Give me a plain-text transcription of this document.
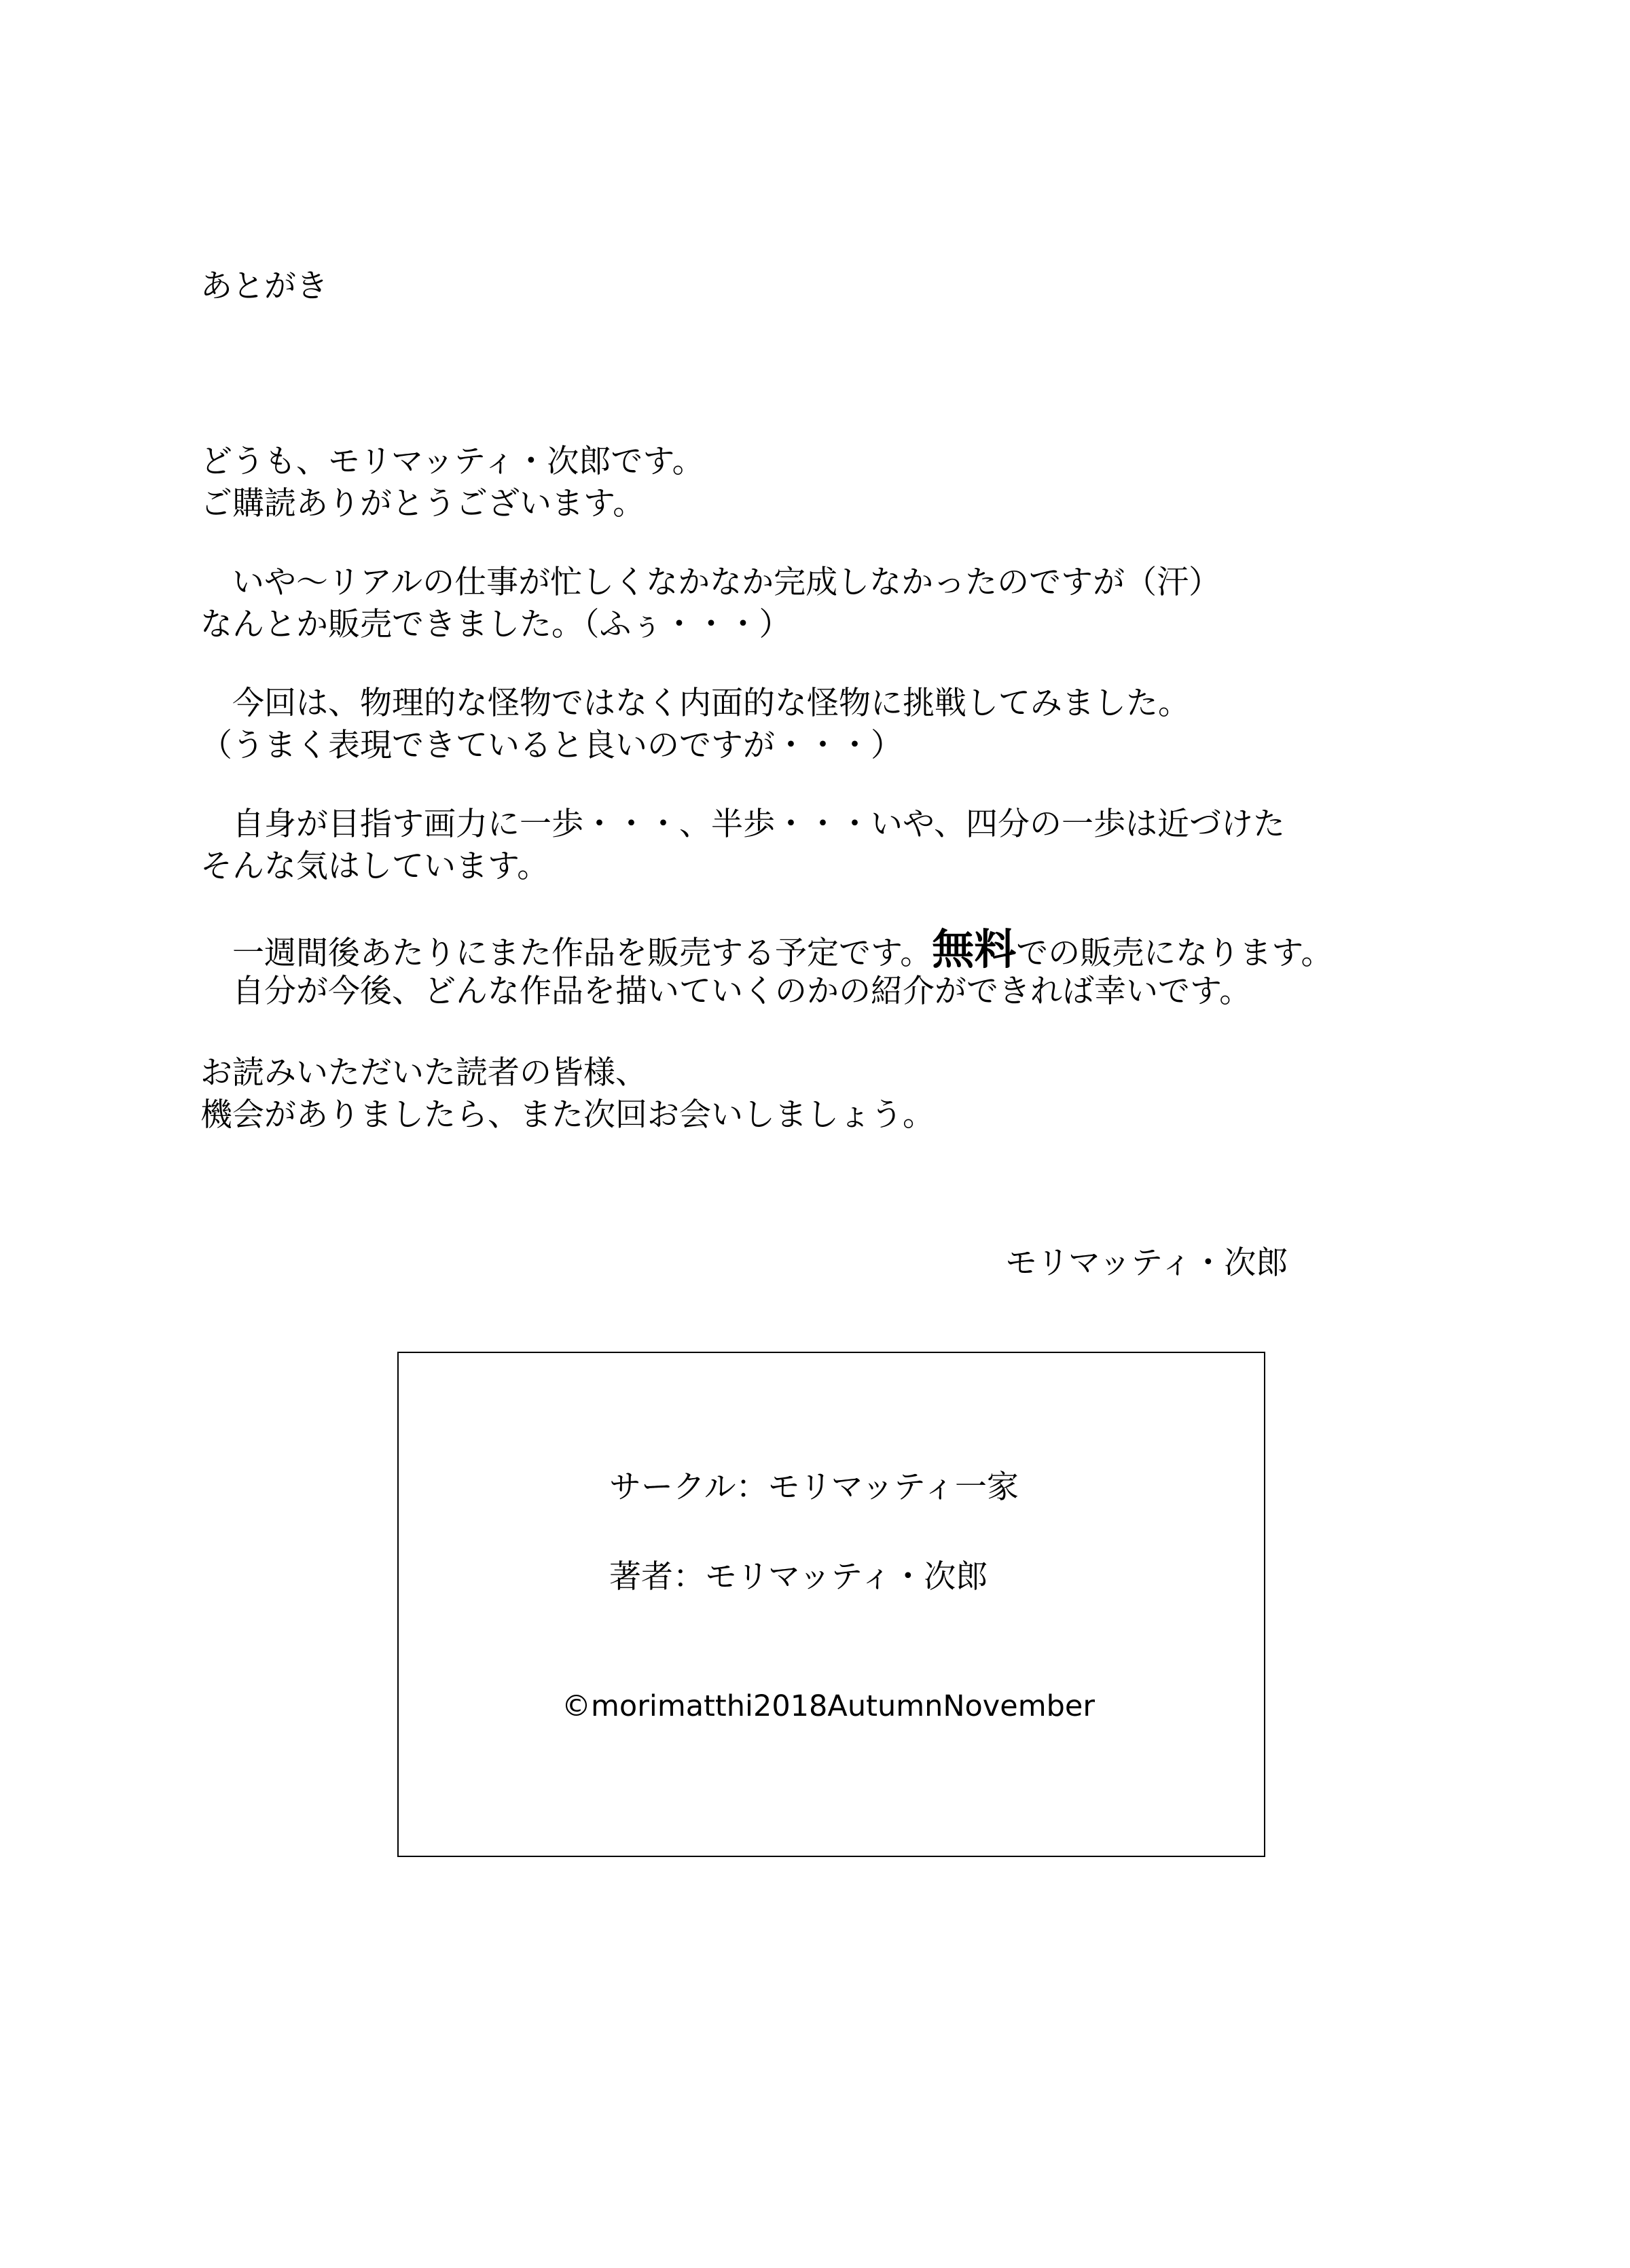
あとがき

どうも、モリマッティ・次郎です。

ご購読ありがとうございます。

　いや～リアルの仕事が忙しくなかなか完成しなかったのですが（汗）

なんとか販売できました。（ふぅ・・・）

　今回は、物理的な怪物ではなく内面的な怪物に挑戦してみました。

（うまく表現できていると良いのですが・・・）

　自身が目指す画力に一歩・・・、半歩・・・いや、四分の一歩は近づけた

そんな気はしています。

　一週間後あたりにまた作品を販売する予定です。無料での販売になります。

　自分が今後、どんな作品を描いていくのかの紹介ができれば幸いです。

お読みいただいた読者の皆様、

機会がありましたら、また次回お会いしましょう。

モリマッティ・次郎
サークル：モリマッティ一家
著者：モリマッティ・次郎
©morimatthi2018AutumnNovember
